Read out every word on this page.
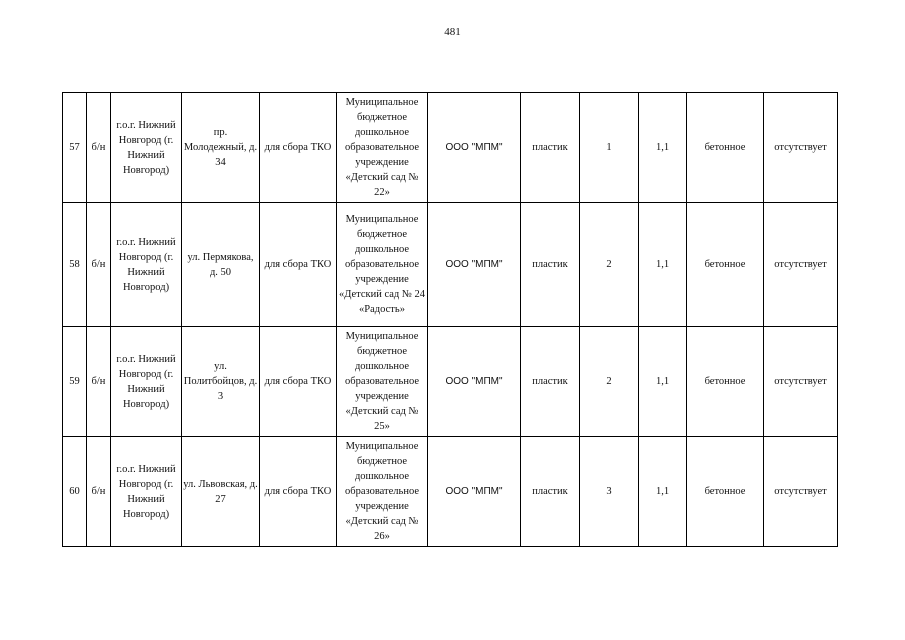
481
57	б/н	г.о.г. Нижний Новгород (г. Нижний Новгород)	пр. Молодежный, д. 34	для сбора ТКО	Муниципальное бюджетное дошкольное образовательное учреждение «Детский сад № 22»	ООО "МПМ"	пластик	1	1,1	бетонное	отсутствует
58	б/н	г.о.г. Нижний Новгород (г. Нижний Новгород)	ул. Пермякова, д. 50	для сбора ТКО	Муниципальное бюджетное дошкольное образовательное учреждение «Детский сад № 24 «Радость»	ООО "МПМ"	пластик	2	1,1	бетонное	отсутствует
59	б/н	г.о.г. Нижний Новгород (г. Нижний Новгород)	ул. Политбойцов, д. 3	для сбора ТКО	Муниципальное бюджетное дошкольное образовательное учреждение «Детский сад № 25»	ООО "МПМ"	пластик	2	1,1	бетонное	отсутствует
60	б/н	г.о.г. Нижний Новгород (г. Нижний Новгород)	ул. Львовская, д. 27	для сбора ТКО	Муниципальное бюджетное дошкольное образовательное учреждение «Детский сад № 26»	ООО "МПМ"	пластик	3	1,1	бетонное	отсутствует
